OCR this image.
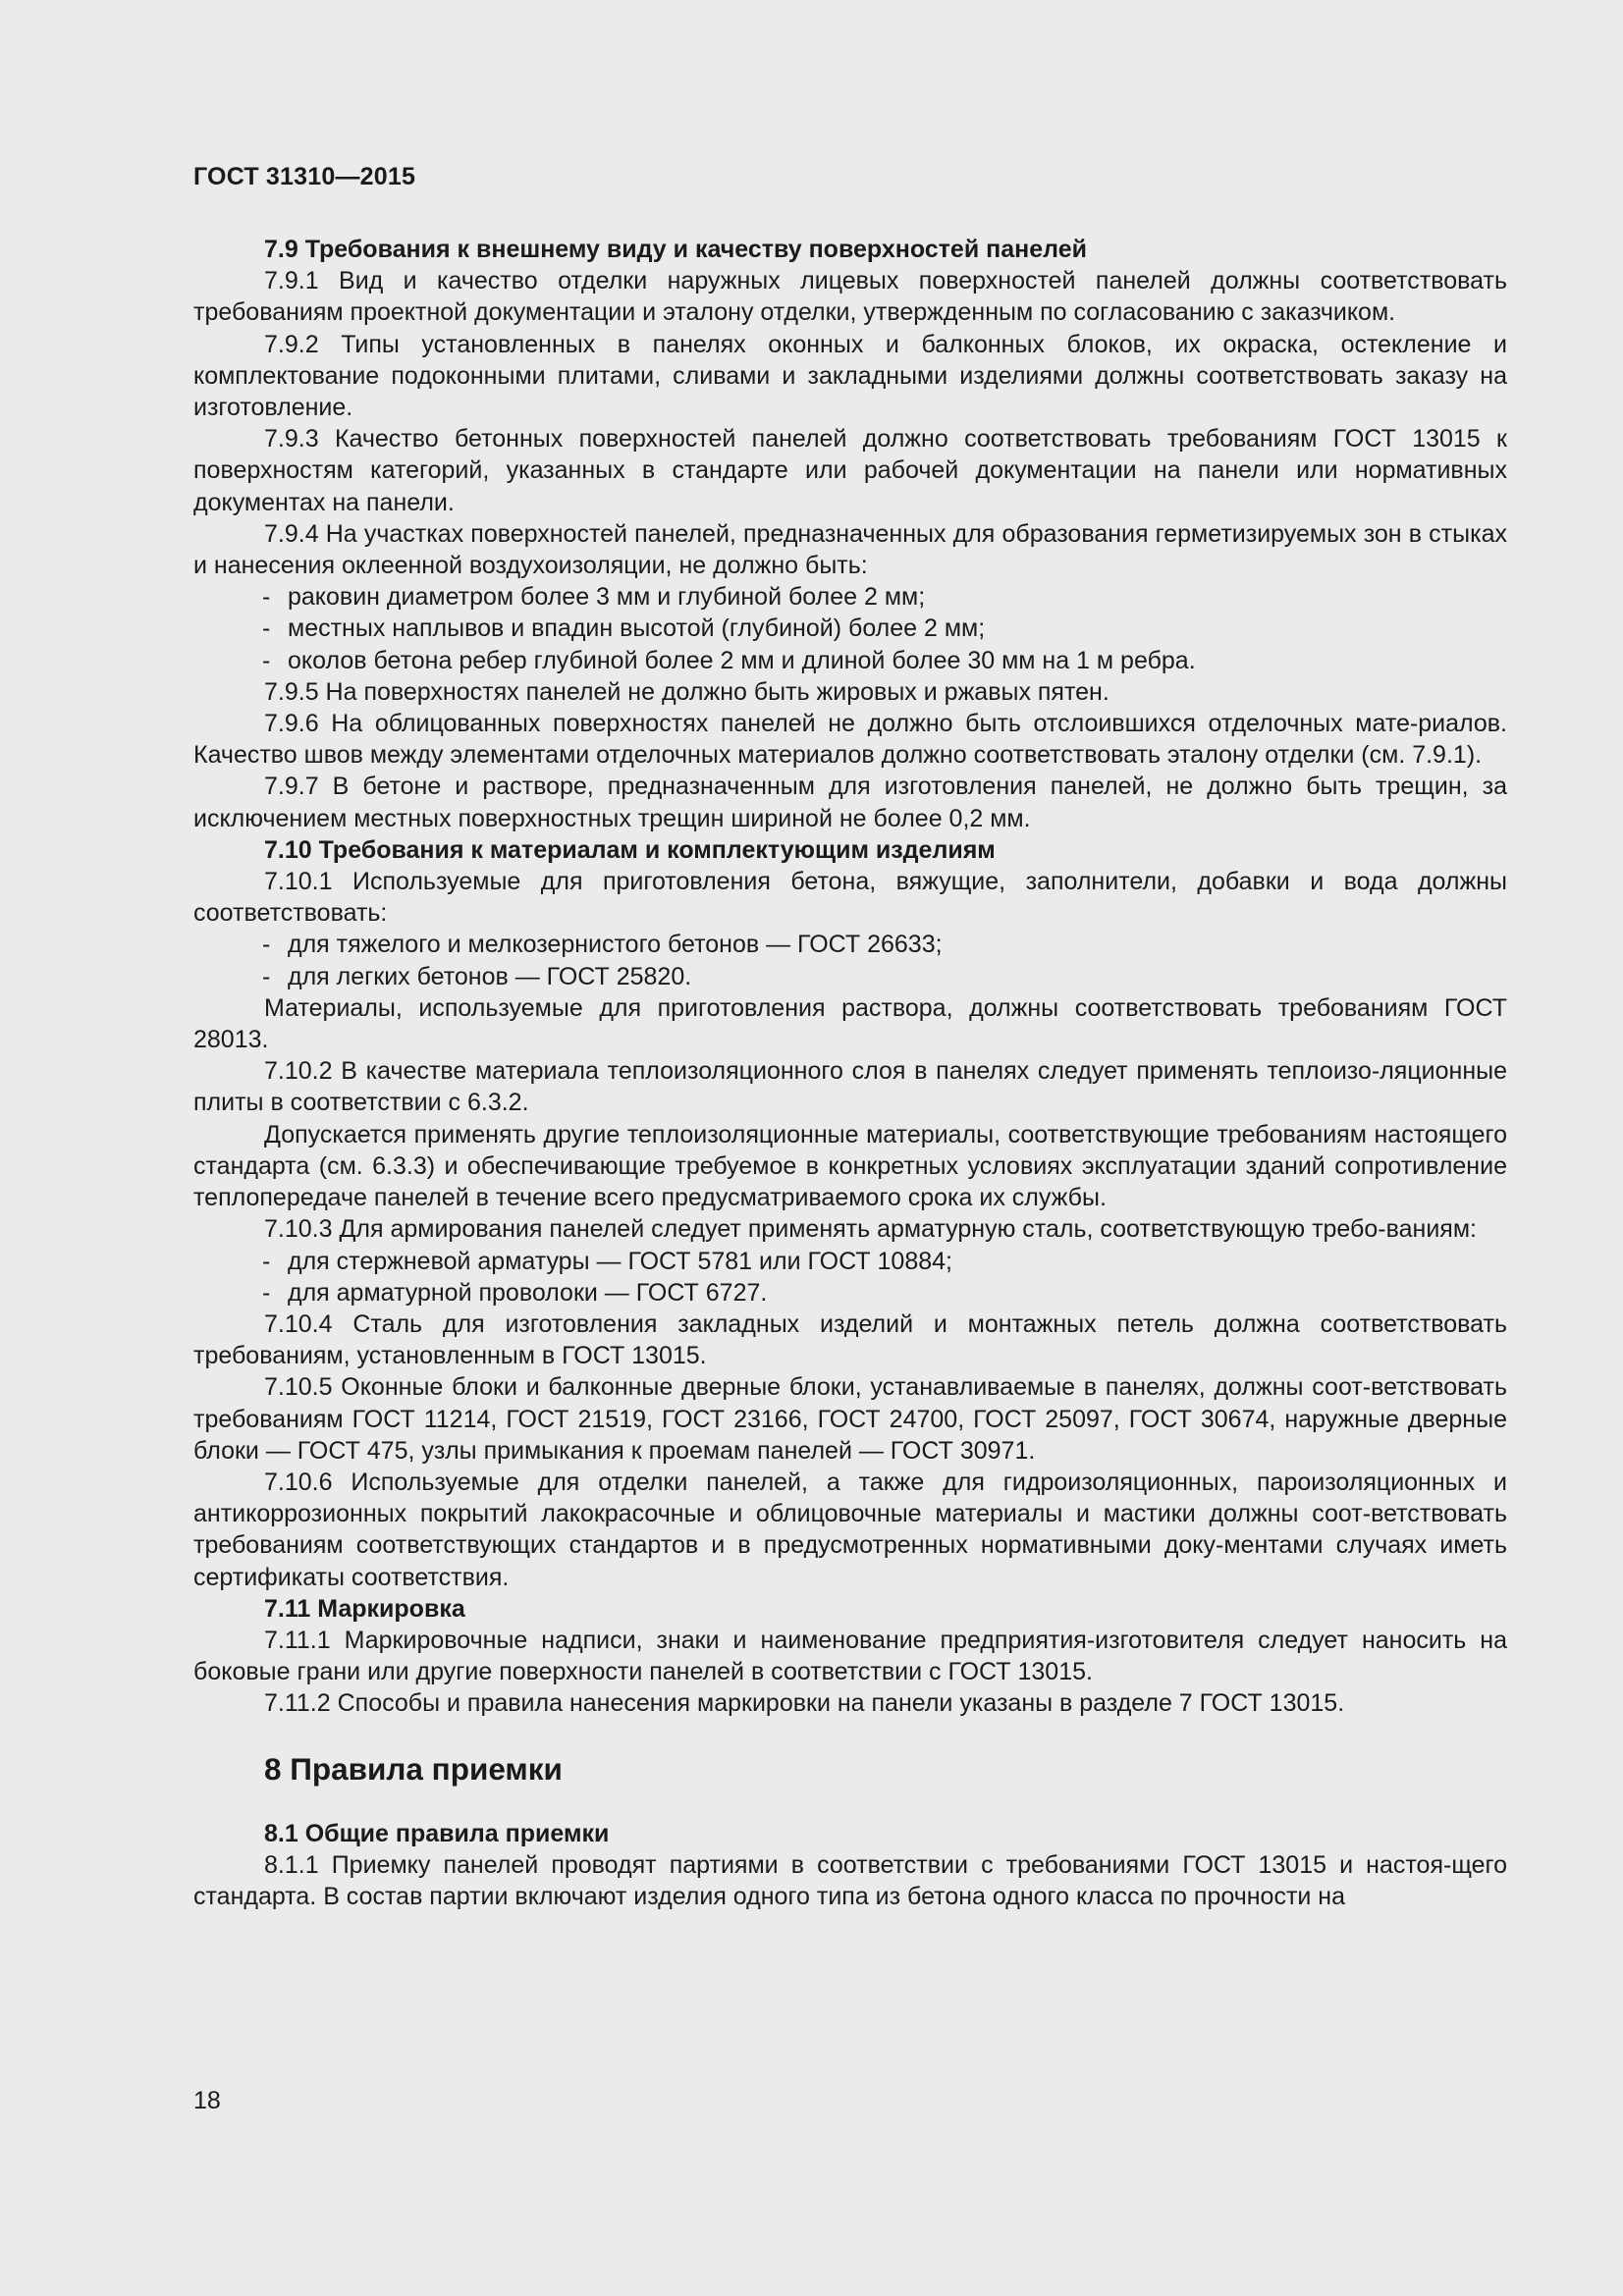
ГОСТ 31310—2015
7.9 Требования к внешнему виду и качеству поверхностей панелей

7.9.1 Вид и качество отделки наружных лицевых поверхностей панелей должны соответствовать требованиям проектной документации и эталону отделки, утвержденным по согласованию с заказчиком.

7.9.2 Типы установленных в панелях оконных и балконных блоков, их окраска, остекление и комплектование подоконными плитами, сливами и закладными изделиями должны соответствовать заказу на изготовление.

7.9.3 Качество бетонных поверхностей панелей должно соответствовать требованиям ГОСТ 13015 к поверхностям категорий, указанных в стандарте или рабочей документации на панели или нормативных документах на панели.

7.9.4 На участках поверхностей панелей, предназначенных для образования герметизируемых зон в стыках и нанесения оклеенной воздухоизоляции, не должно быть:

- раковин диаметром более 3 мм и глубиной более 2 мм;

- местных наплывов и впадин высотой (глубиной) более 2 мм;

- околов бетона ребер глубиной более 2 мм и длиной более 30 мм на 1 м ребра.

7.9.5 На поверхностях панелей не должно быть жировых и ржавых пятен.

7.9.6 На облицованных поверхностях панелей не должно быть отслоившихся отделочных мате-риалов. Качество швов между элементами отделочных материалов должно соответствовать эталону отделки (см. 7.9.1).

7.9.7 В бетоне и растворе, предназначенным для изготовления панелей, не должно быть трещин, за исключением местных поверхностных трещин шириной не более 0,2 мм.

7.10 Требования к материалам и комплектующим изделиям

7.10.1 Используемые для приготовления бетона, вяжущие, заполнители, добавки и вода должны соответствовать:

- для тяжелого и мелкозернистого бетонов — ГОСТ 26633;

- для легких бетонов — ГОСТ 25820.

Материалы, используемые для приготовления раствора, должны соответствовать требованиям ГОСТ 28013.

7.10.2 В качестве материала теплоизоляционного слоя в панелях следует применять теплоизо-ляционные плиты в соответствии с 6.3.2.

Допускается применять другие теплоизоляционные материалы, соответствующие требованиям настоящего стандарта (см. 6.3.3) и обеспечивающие требуемое в конкретных условиях эксплуатации зданий сопротивление теплопередаче панелей в течение всего предусматриваемого срока их службы.

7.10.3 Для армирования панелей следует применять арматурную сталь, соответствующую требо-ваниям:

- для стержневой арматуры — ГОСТ 5781 или ГОСТ 10884;

- для арматурной проволоки — ГОСТ 6727.

7.10.4 Сталь для изготовления закладных изделий и монтажных петель должна соответствовать требованиям, установленным в ГОСТ 13015.

7.10.5 Оконные блоки и балконные дверные блоки, устанавливаемые в панелях, должны соот-ветствовать требованиям ГОСТ 11214, ГОСТ 21519, ГОСТ 23166, ГОСТ 24700, ГОСТ 25097, ГОСТ 30674, наружные дверные блоки — ГОСТ 475, узлы примыкания к проемам панелей — ГОСТ 30971.

7.10.6 Используемые для отделки панелей, а также для гидроизоляционных, пароизоляционных и антикоррозионных покрытий лакокрасочные и облицовочные материалы и мастики должны соот-ветствовать требованиям соответствующих стандартов и в предусмотренных нормативными доку-ментами случаях иметь сертификаты соответствия.

7.11 Маркировка

7.11.1 Маркировочные надписи, знаки и наименование предприятия-изготовителя следует наносить на боковые грани или другие поверхности панелей в соответствии с ГОСТ 13015.

7.11.2 Способы и правила нанесения маркировки на панели указаны в разделе 7 ГОСТ 13015.

8 Правила приемки
8.1 Общие правила приемки

8.1.1 Приемку панелей проводят партиями в соответствии с требованиями ГОСТ 13015 и настоя-щего стандарта. В состав партии включают изделия одного типа из бетона одного класса по прочности на

18
